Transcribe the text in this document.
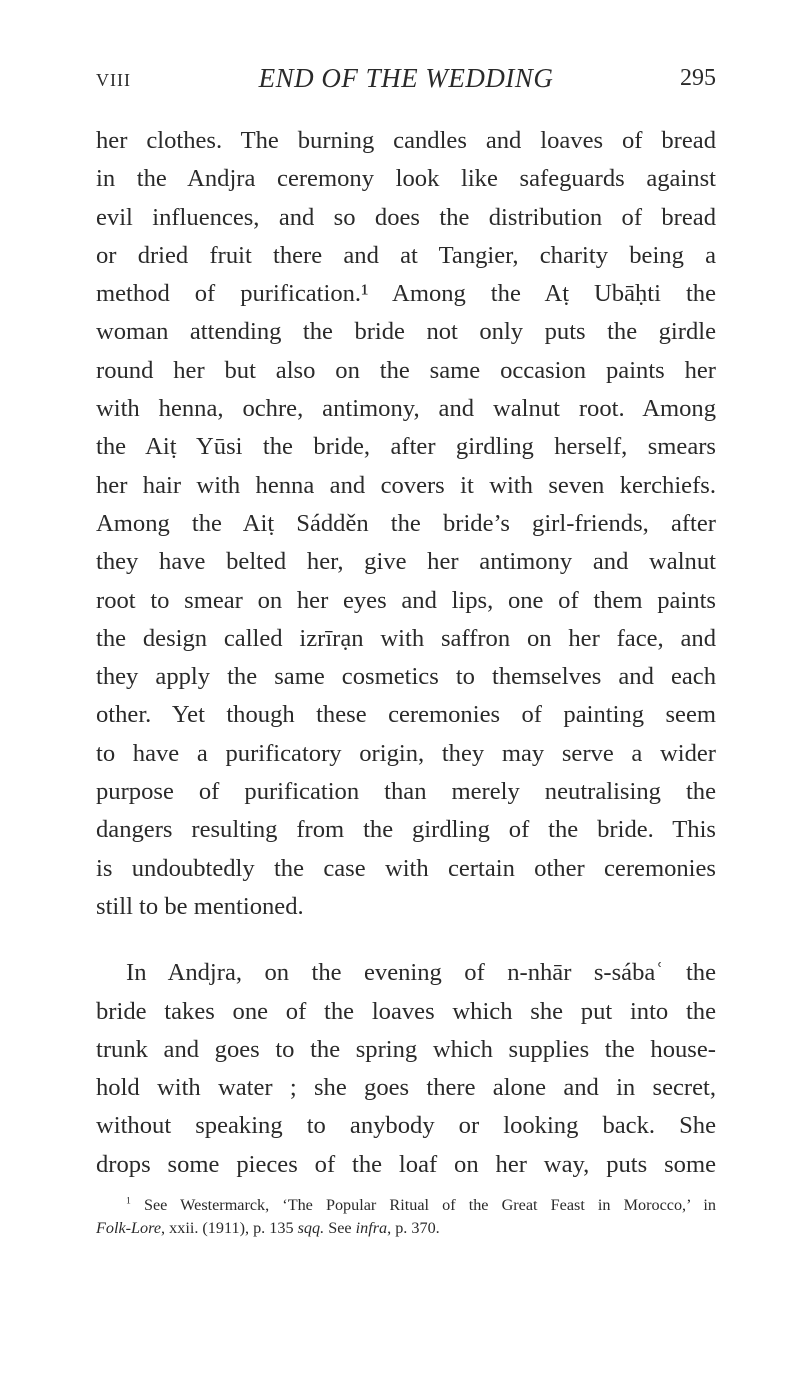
VIII	END OF THE WEDDING	295
her clothes. The burning candles and loaves of bread
in the Andjra ceremony look like safeguards against
evil influences, and so does the distribution of bread
or dried fruit there and at Tangier, charity being a
method of purification.¹ Among the Aṭ Ubāḥti the
woman attending the bride not only puts the girdle
round her but also on the same occasion paints her
with henna, ochre, antimony, and walnut root. Among
the Aiṭ Yūsi the bride, after girdling herself, smears
her hair with henna and covers it with seven kerchiefs.
Among the Aiṭ Sádděn the bride’s girl-friends, after
they have belted her, give her antimony and walnut
root to smear on her eyes and lips, one of them paints
the design called izrīrạn with saffron on her face, and
they apply the same cosmetics to themselves and each
other. Yet though these ceremonies of painting seem
to have a purificatory origin, they may serve a wider
purpose of purification than merely neutralising the
dangers resulting from the girdling of the bride. This
is undoubtedly the case with certain other ceremonies
still to be mentioned.
In Andjra, on the evening of n-nhār s-sábaʿ the
bride takes one of the loaves which she put into the
trunk and goes to the spring which supplies the house-
hold with water ; she goes there alone and in secret,
without speaking to anybody or looking back. She
drops some pieces of the loaf on her way, puts some
$^1$ See Westermarck, ‘The Popular Ritual of the Great Feast in Morocco,’ in
Folk-Lore, xxii. (1911), p. 135 sqq. See infra, p. 370.
